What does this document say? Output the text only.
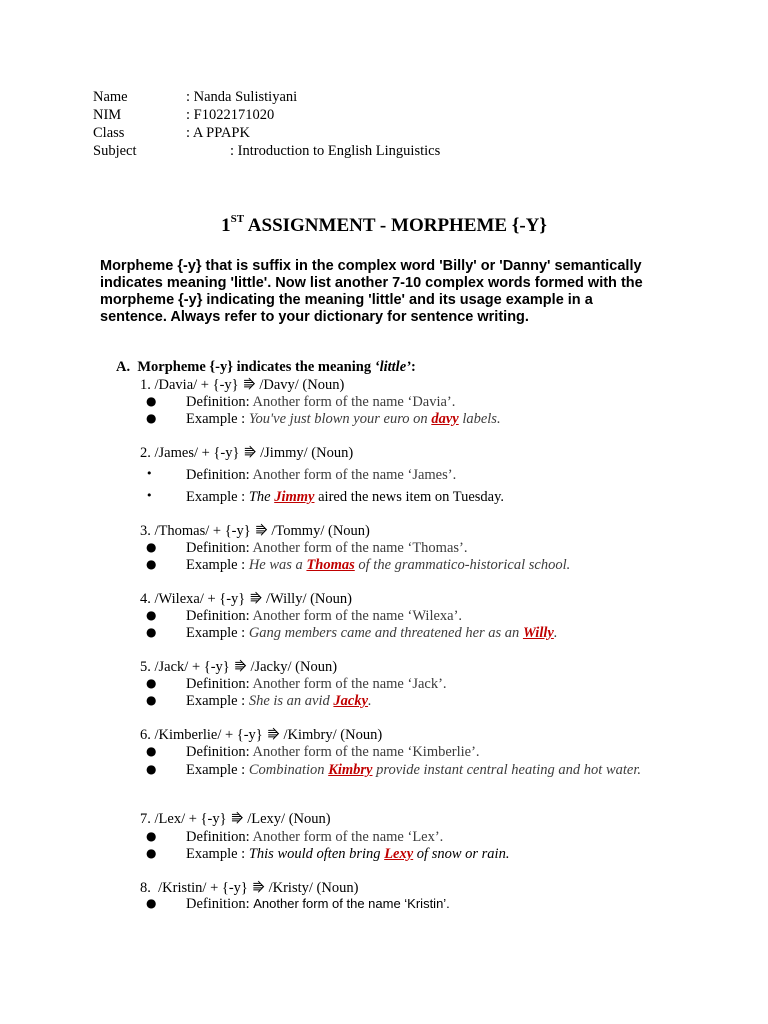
Name	: Nanda Sulistiyani
NIM	: F1022171020
Class	: A PPAPK
Subject	: Introduction to English Linguistics
1ST ASSIGNMENT - MORPHEME {-Y}
Morpheme {-y} that is suffix in the complex word 'Billy' or 'Danny' semantically indicates meaning 'little'. Now list another 7-10 complex words formed with the morpheme {-y} indicating the meaning 'little' and its usage example in a sentence. Always refer to your dictionary for sentence writing.
A. Morpheme {-y} indicates the meaning ‘little’:
1. /Davia/ + {-y} ⭆ /Davy/ (Noun)
● Definition: Another form of the name ‘Davia’.
● Example : You've just blown your euro on davy labels.
2. /James/ + {-y} ⭆ /Jimmy/ (Noun)
• Definition: Another form of the name ‘James’.
• Example : The Jimmy aired the news item on Tuesday.
3. /Thomas/ + {-y} ⭆ /Tommy/ (Noun)
● Definition: Another form of the name ‘Thomas’.
● Example : He was a Thomas of the grammatico-historical school.
4. /Wilexa/ + {-y} ⭆ /Willy/ (Noun)
● Definition: Another form of the name ‘Wilexa’.
● Example : Gang members came and threatened her as an Willy.
5. /Jack/ + {-y} ⭆ /Jacky/ (Noun)
● Definition: Another form of the name ‘Jack’.
● Example : She is an avid Jacky.
6. /Kimberlie/ + {-y} ⭆ /Kimbry/ (Noun)
● Definition: Another form of the name ‘Kimberlie’.
● Example : Combination Kimbry provide instant central heating and hot water.
7. /Lex/ + {-y} ⭆ /Lexy/ (Noun)
● Definition: Another form of the name ‘Lex’.
● Example : This would often bring Lexy of snow or rain.
8. /Kristin/ + {-y} ⭆ /Kristy/ (Noun)
● Definition: Another form of the name ‘Kristin’.
